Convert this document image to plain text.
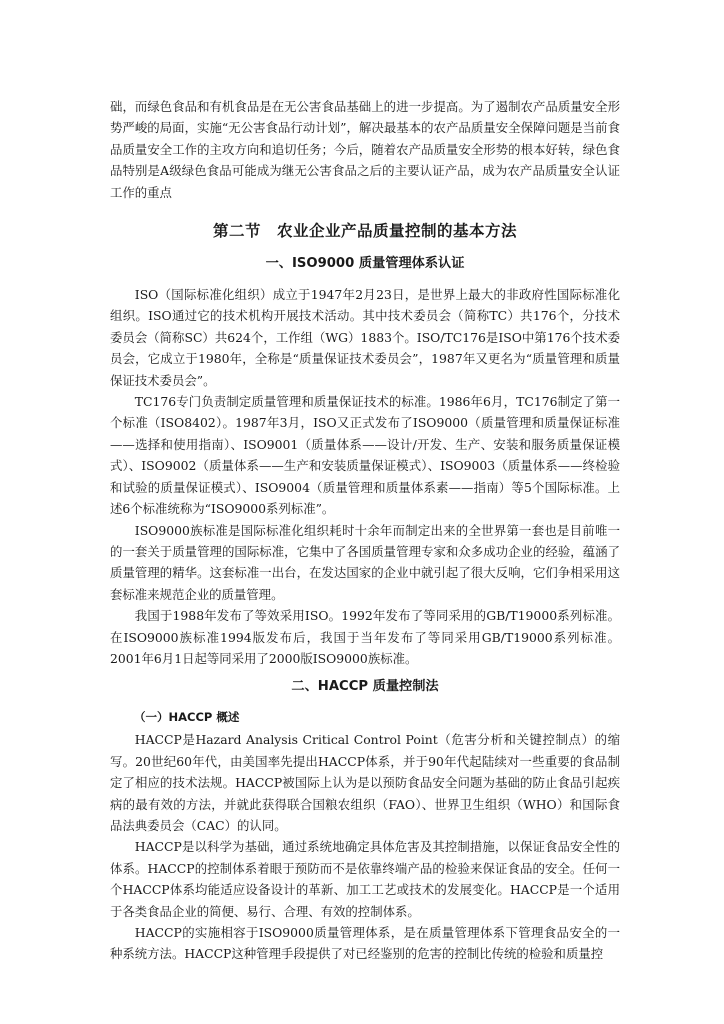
础，而绿色食品和有机食品是在无公害食品基础上的进一步提高。为了遏制农产品质量安全形势严峻的局面，实施“无公害食品行动计划”，解决最基本的农产品质量安全保障问题是当前食品质量安全工作的主攻方向和追切任务；今后，随着农产品质量安全形势的根本好转，绿色食品特别是A级绿色食品可能成为继无公害食品之后的主要认证产品，成为农产品质量安全认证工作的重点

第二节　农业企业产品质量控制的基本方法
一、ISO9000 质量管理体系认证

ISO（国际标准化组织）成立于1947年2月23日，是世界上最大的非政府性国际标准化组织。ISO通过它的技术机构开展技术活动。其中技术委员会（简称TC）共176个，分技术委员会（简称SC）共624个，工作组（WG）1883个。ISO/TC176是ISO中第176个技术委员会，它成立于1980年，全称是“质量保证技术委员会”，1987年又更名为“质量管理和质量保证技术委员会”。

TC176专门负责制定质量管理和质量保证技术的标准。1986年6月，TC176制定了第一个标准（ISO8402）。1987年3月，ISO又正式发布了ISO9000（质量管理和质量保证标准——选择和使用指南）、ISO9001（质量体系——设计/开发、生产、安装和服务质量保证模式）、ISO9002（质量体系——生产和安装质量保证模式）、ISO9003（质量体系——终检验和试验的质量保证模式）、ISO9004（质量管理和质量体系素——指南）等5个国际标准。上述6个标准统称为“ISO9000系列标准”。

ISO9000族标准是国际标准化组织耗时十余年而制定出来的全世界第一套也是目前唯一的一套关于质量管理的国际标准，它集中了各国质量管理专家和众多成功企业的经验，蕴涵了质量管理的精华。这套标准一出台，在发达国家的企业中就引起了很大反响，它们争相采用这套标准来规范企业的质量管理。

我国于1988年发布了等效采用ISO。1992年发布了等同采用的GB/T19000系列标准。在ISO9000族标准1994版发布后，我国于当年发布了等同采用GB/T19000系列标准。2001年6月1日起等同采用了2000版ISO9000族标准。

二、HACCP 质量控制法
（一）HACCP 概述

HACCP是Hazard Analysis Critical Control Point（危害分析和关键控制点）的缩写。20世纪60年代，由美国率先提出HACCP体系，并于90年代起陆续对一些重要的食品制定了相应的技术法规。HACCP被国际上认为是以预防食品安全问题为基础的防止食品引起疾病的最有效的方法，并就此获得联合国粮农组织（FAO）、世界卫生组织（WHO）和国际食品法典委员会（CAC）的认同。

HACCP是以科学为基础，通过系统地确定具体危害及其控制措施，以保证食品安全性的体系。HACCP的控制体系着眼于预防而不是依靠终端产品的检验来保证食品的安全。任何一个HACCP体系均能适应设备设计的革新、加工工艺或技术的发展变化。HACCP是一个适用于各类食品企业的简便、易行、合理、有效的控制体系。

HACCP的实施相容于ISO9000质量管理体系，是在质量管理体系下管理食品安全的一种系统方法。HACCP这种管理手段提供了对已经鉴别的危害的控制比传统的检验和质量控
